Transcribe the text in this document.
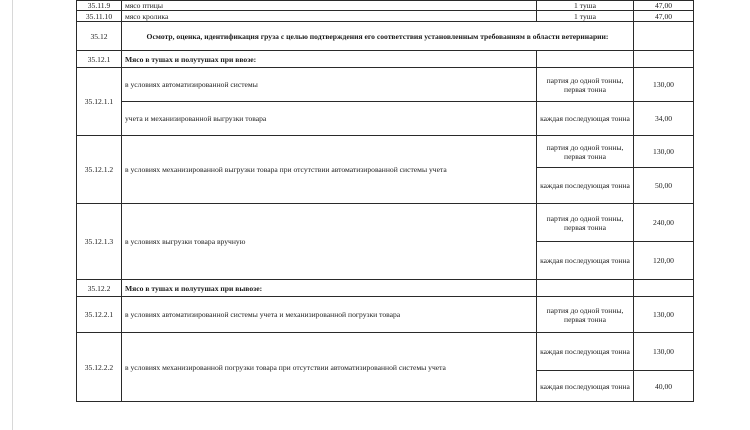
35.11.9	мясо птицы	1 туша	47,00
35.11.10	мясо кролика	1 туша	47,00
35.12	Осмотр, оценка, идентификация груза с целью подтверждения его соответствия установленным требованиям в области ветеринарии:		
35.12.1	Мясо в тушах и полутушах при ввозе:		
35.12.1.1	в условиях автоматизированной системы	партия до одной тонны, первая тонна	130,00
	учета и механизированной выгрузки товара	каждая последующая тонна	34,00
35.12.1.2	в условиях механизированной выгрузки товара при отсутствии автоматизированной системы учета	партия до одной тонны, первая тонна	130,00
		каждая последующая тонна	50,00
35.12.1.3	в условиях выгрузки товара вручную	партия до одной тонны, первая тонна	240,00
		каждая последующая тонна	120,00
35.12.2	Мясо в тушах и полутушах при вывозе:		
35.12.2.1	в условиях автоматизированной системы учета и механизированной погрузки товара	партия до одной тонны, первая тонна	130,00
35.12.2.2	в условиях механизированной погрузки товара при отсутствии автоматизированной системы учета	каждая последующая тонна	130,00
		каждая последующая тонна	40,00
